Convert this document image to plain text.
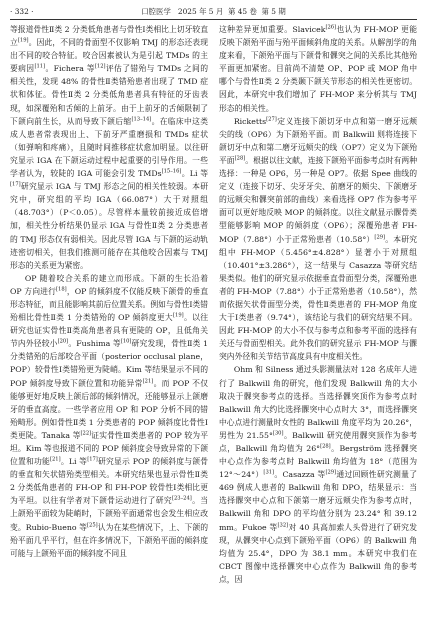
· 332 ·	口腔医学 2025 年 5 月 第 45 卷 第 5 期

等报道骨性Ⅱ类 2 分类低角患者与骨性Ⅰ类相比上切牙较直立[19]。因此，不同的骨面型不仅影响 TMJ 的形态还表现出不同的咬合特征。咬合因素被认为是引起 TMDs 的主要病因[11]。Fichera 等[12]评估了错殆与 TMDs 之间的相关性，发现 48% 的骨性Ⅱ类错殆患者出现了 TMD 症状和体征。骨性Ⅱ类 2 分类低角患者具有特征的牙齿表现，如深覆殆和舌倾的上前牙。由于上前牙的舌倾限制了下颌向前生长，从而导致下颌后缩[13–14]。在临床中这类成人患者常表现出上、下前牙严重磨损和 TMDs 症状（如弹响和疼痛），且随时间推移症状愈加明显。以往研究显示 IGA 在下颌运动过程中起重要的引导作用。一些学者认为，较陡的 IGA 可能会引发 TMDs[15–16]。Li 等[17]研究显示 IGA 与 TMJ 形态之间的相关性较弱。本研究中，研究组的平均 IGA（66.087°）大于对照组（48.703°）（P＜0.05）。尽管样本量较前接近成倍增加，相关性分析结果仍显示 IGA 与骨性Ⅱ类 2 分类患者的 TMJ 形态仅有弱相关。因此尽管 IGA 与下颌的运动轨迹密切相关，但我们推测可能存在其他咬合因素与 TMJ 形态的关系更为紧密。

OP 随着咬合关系的建立而形成。下颌的生长沿着 OP 方向进行[18]，OP 的倾斜度不仅能反映下颌骨的垂直形态特征，而且能影响其前后位置关系。例如与骨性Ⅰ类错殆相比骨性Ⅱ类 1 分类错殆的 OP 倾斜度更大[19]。以往研究也证实骨性Ⅱ类高角患者具有更陡的 OP，且低角关节内外径较小[20]。Fushima 等[10]研究发现，骨性Ⅱ类 1 分类错殆的后部咬合平面（posterior occlusal plane，POP）较骨性Ⅰ类错殆更为陡峭。Kim 等结果显示不同的 POP 倾斜度导致下颌位置和功能异常[21]。而 POP 不仅能够更好地反映上颌后部的倾斜情况，还能够显示上颌磨牙的垂直高度。一些学者应用 OP 和 POP 分析不同的错殆畸形。例如骨性Ⅱ类 1 分类患者的 POP 倾斜度比骨性Ⅰ类更陡。Tanaka 等[22]证实骨性Ⅲ类患者的 POP 较为平坦。Kim 等也报道不同的 POP 倾斜度会导致异常的下颌位置和功能[21]。Li 等[17]研究显示 POP 的倾斜度与颌骨的垂直和矢状错殆类型相关。本研究结果也显示骨性Ⅱ类 2 分类低角患者的 FH-OP 和 FH-POP 较骨性Ⅰ类相比更为平坦。以往有学者对下颌骨运动进行了研究[23–24]。当上颌殆平面较为陡峭时，下颌殆平面通常也会发生相应改变。Rubio-Bueno 等[25]认为在某些情况下，上、下颌的殆平面几乎平行，但在许多情况下，下颌殆平面的倾斜度可能与上颌殆平面的倾斜度不同且

这种差异更加重要。Slavicek[26]也认为 FH-MOP 更能反映下颌殆平面与殆平面倾斜角度的关系。从解剖学的角度来看，下颌殆平面与下颌骨和髁突之间的关系比其他殆平面更加紧密。目前尚不清楚 OP、POP 或 MOP 角中哪个与骨性Ⅱ类 2 分类颞下颌关节形态的相关性更密切。因此，本研究中我们增加了 FH-MOP 来分析其与 TMJ 形态的相关性。

Ricketts[27]定义连接下颌切牙中点和第一磨牙远颊尖的线（OP6）为下颌殆平面。而 Balkwill 则将连接下颌切牙中点和第二磨牙远颊尖的线（OP7）定义为下颌殆平面[28]。根据以往文献，连接下颌殆平面参考点时有两种选择：一种是 OP6，另一种是 OP7。依据 Spee 曲线的定义（连接下切牙、尖牙牙尖、前磨牙的颊尖、下颌磨牙的远颊尖和髁突前部的曲线）来看选择 OP7 作为参考平面可以更好地反映 MOP 的倾斜度。以往文献显示髁骨类型能够影响 MOP 的倾斜度（OP6）；深覆殆患者 FH-MOP（7.88°）小于正常殆患者（10.58°）[29]。本研究组中 FH-MOP（5.456°±4.828°）显著小于对照组（10.401°±3.286°），这一结果与 Casazza 等研究结果类似。他们的研究显示依据垂直骨面型分类，深覆殆患者的 FH-MOP（7.88°）小于正常殆患者（10.58°），然而依据矢状骨面型分类，骨性Ⅱ类患者的 FH-MOP 角度大于Ⅰ类患者（9.74°），该结论与我们的研究结果不同。因此 FH-MOP 的大小不仅与参考点和参考平面的选择有关还与骨面型相关。此外我们的研究显示 FH-MOP 与髁突内外径和关节结节高度具有中度相关性。

Ohm 和 Silness 通过头影测量法对 128 名成年人进行了 Balkwill 角的研究，他们发现 Balkwill 角的大小取决于髁突参考点的选择。当选择髁突顶作为参考点时 Balkwill 角大约比选择髁突中心点时大 3°，而选择髁突中心点进行测量时女性的 Balkwill 角度平均为 20.26°，男性为 21.55°[30]。Balkwill 研究使用髁突顶作为参考点，Balkwill 角均值为 26°[28]。Bergström 选择髁突中心点作为参考点时 Balkwill 角均值为 18°（范围为 12°～24°）[31]。Casazza 等[29]通过回顾性研究测量了 469 例成人患者的 Balkwill 角和 DPO，结果显示：当选择髁突中心点和下颌第一磨牙远颊尖作为参考点时，Balkwill 角和 DPO 的平均值分别为 23.24° 和 39.12 mm。Fukoe 等[32]对 40 具高加索人头骨进行了研究发现，从髁突中心点到下颌殆平面（OP6）的 Balkwill 角均值为 25.4°，DPO 为 38.1 mm。本研究中我们在 CBCT 图像中选择髁突中心点作为 Balkwill 角的参考点，因
